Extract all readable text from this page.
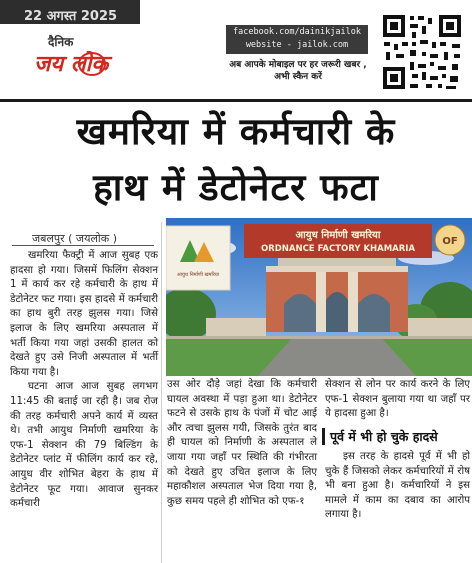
22 अगस्त 2025
दैनिक
जय लोक
facebook.com/dainikjailok
website - jailok.com
अब आपके मोबाइल पर हर जरूरी खबर , अभी स्कैन करें
खमरिया में कर्मचारी के
हाथ में डेटोनेटर फटा
जबलपुर ( जयलोक )

खमरिया फैक्ट्री में आज सुबह एक हादसा हो गया। जिसमें फिलिंग सेक्शन 1 में कार्य कर रहे कर्मचारी के हाथ में डेटोनेटर फट गया। इस हादसे में कर्मचारी का हाथ बुरी तरह झुलस गया। जिसे इलाज के लिए खमरिया अस्पताल में भर्ती किया गया जहां उसकी हालत को देखते हुए उसे निजी अस्पताल में भर्ती किया गया है।

घटना आज आज सुबह लगभग 11:45 की बताई जा रही है। जब रोज की तरह कर्मचारी अपने कार्य में व्यस्त थे। तभी आयुध निर्माणी खमरिया के एफ-1 सेक्शन की 79 बिल्डिंग के डेटोनेटर प्लांट में फीलिंग कार्य कर रहे, आयुध वीर शोभित बेहरा के हाथ में डेटोनेटर फूट गया। आवाज सुनकर कर्मचारी

आयुध निर्माणी खमरिया
आयुध निर्माणी खमरिया
ORDNANCE FACTORY KHAMARIA
OF

उस ओर दौड़े जहां देखा कि कर्मचारी घायल अवस्था में पड़ा हुआ था। डेटोनेटर फटने से उसके हाथ के पंजों में चोट आई और त्वचा झुलस गयी, जिसके तुरंत बाद ही घायल को निर्माणी के अस्पताल ले जाया गया जहाँ पर स्थिति की गंभीरता को देखते हुए उचित इलाज के लिए महाकौशल अस्पताल भेज दिया गया है, कुछ समय पहले ही शोभित को एफ-१

सेक्शन से लोन पर कार्य करने के लिए एफ-1 सेक्शन बुलाया गया था जहाँ पर ये हादसा हुआ है।

पूर्व में भी हो चुके हादसे

इस तरह के हादसे पूर्व में भी हो चुके हैं जिसको लेकर कर्मचारियों में रोष भी बना हुआ है। कर्मचारियों ने इस मामले में काम का दबाव का आरोप लगाया है।
